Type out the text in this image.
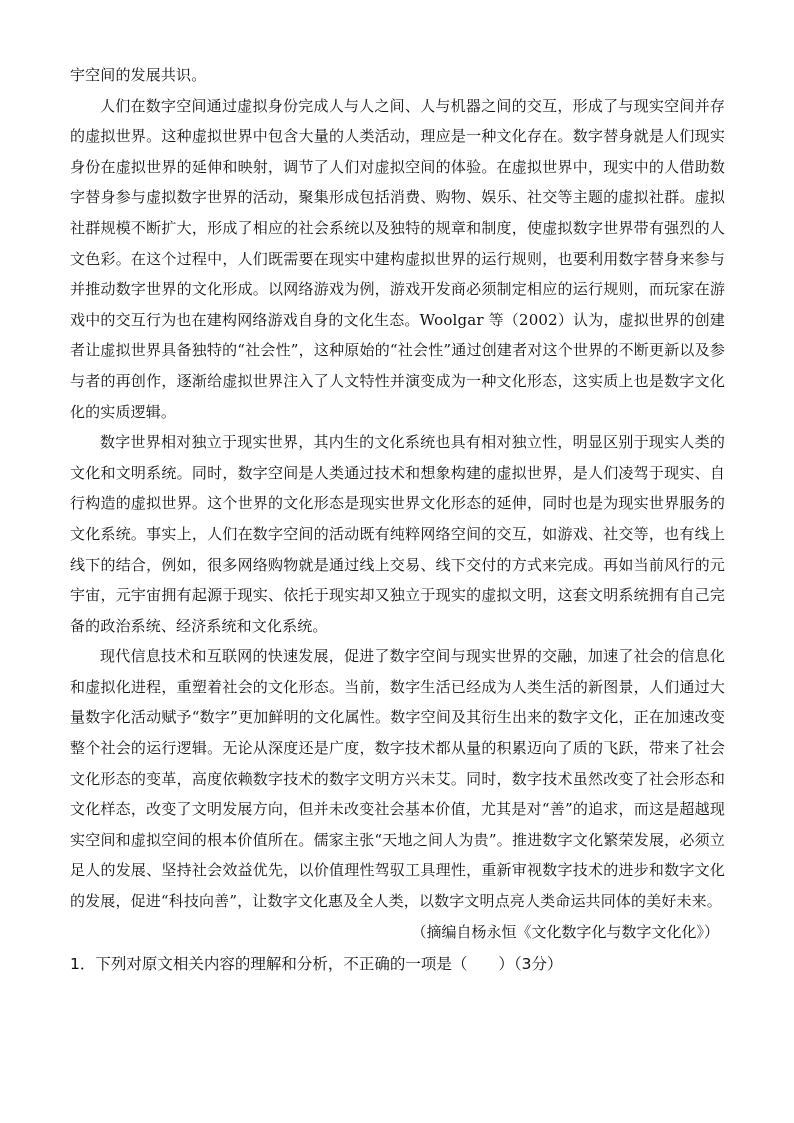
宇空间的发展共识。

人们在数字空间通过虚拟身份完成人与人之间、人与机器之间的交互，形成了与现实空间并存的虚拟世界。这种虚拟世界中包含大量的人类活动，理应是一种文化存在。数字替身就是人们现实身份在虚拟世界的延伸和映射，调节了人们对虚拟空间的体验。在虚拟世界中，现实中的人借助数字替身参与虚拟数字世界的活动，聚集形成包括消费、购物、娱乐、社交等主题的虚拟社群。虚拟社群规模不断扩大，形成了相应的社会系统以及独特的规章和制度，使虚拟数字世界带有强烈的人文色彩。在这个过程中，人们既需要在现实中建构虚拟世界的运行规则，也要利用数字替身来参与并推动数字世界的文化形成。以网络游戏为例，游戏开发商必须制定相应的运行规则，而玩家在游戏中的交互行为也在建构网络游戏自身的文化生态。Woolgar 等（2002）认为，虚拟世界的创建者让虚拟世界具备独特的“社会性”，这种原始的“社会性”通过创建者对这个世界的不断更新以及参与者的再创作，逐渐给虚拟世界注入了人文特性并演变成为一种文化形态，这实质上也是数字文化化的实质逻辑。

数字世界相对独立于现实世界，其内生的文化系统也具有相对独立性，明显区别于现实人类的文化和文明系统。同时，数字空间是人类通过技术和想象构建的虚拟世界，是人们凌驾于现实、自行构造的虚拟世界。这个世界的文化形态是现实世界文化形态的延伸，同时也是为现实世界服务的文化系统。事实上，人们在数字空间的活动既有纯粹网络空间的交互，如游戏、社交等，也有线上线下的结合，例如，很多网络购物就是通过线上交易、线下交付的方式来完成。再如当前风行的元宇宙，元宇宙拥有起源于现实、依托于现实却又独立于现实的虚拟文明，这套文明系统拥有自己完备的政治系统、经济系统和文化系统。

现代信息技术和互联网的快速发展，促进了数字空间与现实世界的交融，加速了社会的信息化和虚拟化进程，重塑着社会的文化形态。当前，数字生活已经成为人类生活的新图景，人们通过大量数字化活动赋予“数字”更加鲜明的文化属性。数字空间及其衍生出来的数字文化，正在加速改变整个社会的运行逻辑。无论从深度还是广度，数字技术都从量的积累迈向了质的飞跃，带来了社会文化形态的变革，高度依赖数字技术的数字文明方兴未艾。同时，数字技术虽然改变了社会形态和文化样态，改变了文明发展方向，但并未改变社会基本价值，尤其是对“善”的追求，而这是超越现实空间和虚拟空间的根本价值所在。儒家主张“天地之间人为贵”。推进数字文化繁荣发展，必须立足人的发展、坚持社会效益优先，以价值理性驾驭工具理性，重新审视数字技术的进步和数字文化的发展，促进“科技向善”，让数字文化惠及全人类，以数字文明点亮人类命运共同体的美好未来。

（摘编自杨永恒《文化数字化与数字文化化》）

1．下列对原文相关内容的理解和分析，不正确的一项是（　　）（3分）
